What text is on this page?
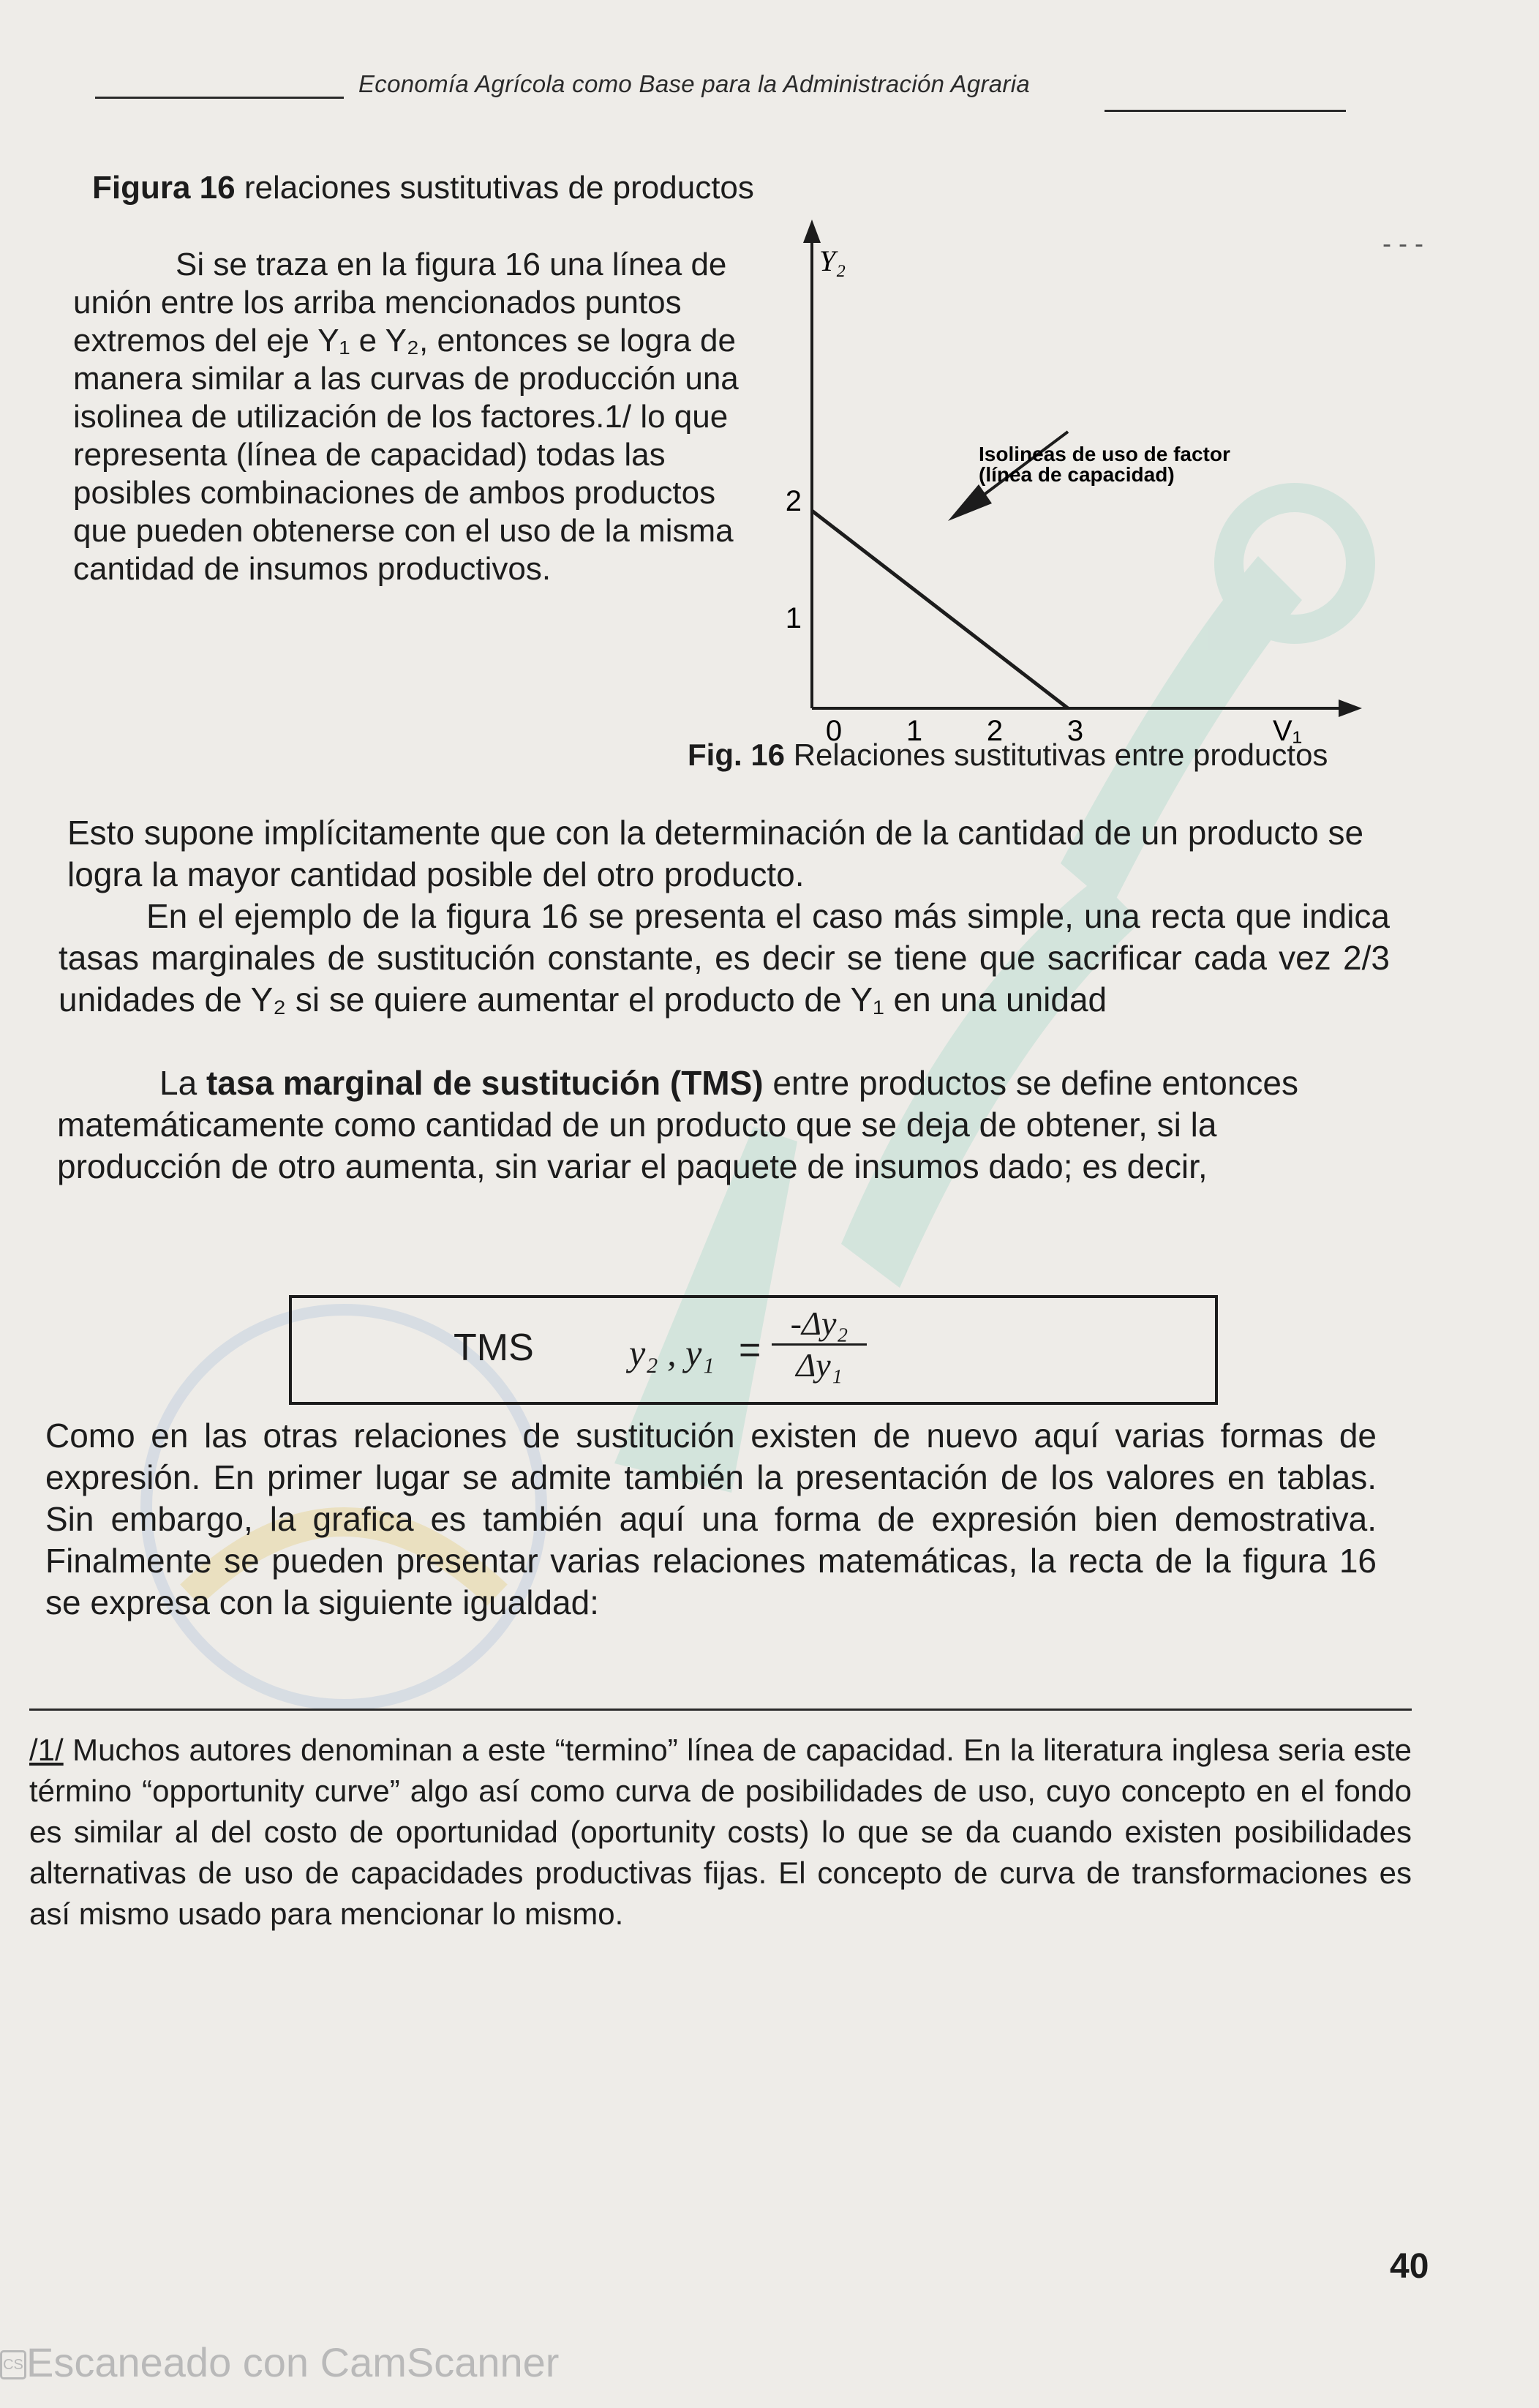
Economía Agrícola como Base para la Administración Agraria
- - -
Figura 16 relaciones sustitutivas de productos
Si se traza en la figura 16 una línea de unión entre los arriba mencionados puntos extremos del eje Y₁ e Y₂, entonces se logra de manera similar a las curvas de producción una isolinea de utilización de los factores.1/ lo que representa (línea de capacidad) todas las posibles combinaciones de ambos productos que pueden obtenerse con el uso de la misma cantidad de insumos productivos.
Y₂
2
1
0 1 2 3	V₁
Isolineas de uso de factor
(línea de capacidad)
Fig. 16 Relaciones sustitutivas entre productos
Esto supone implícitamente que con la determinación de la cantidad de un producto se logra la mayor cantidad posible del otro producto.
En el ejemplo de la figura 16 se presenta el caso más simple, una recta que indica tasas marginales de sustitución constante, es decir se tiene que sacrificar cada vez 2/3 unidades de Y₂ si se quiere aumentar el producto de Y₁ en una unidad
La tasa marginal de sustitución (TMS) entre productos se define entonces matemáticamente como cantidad de un producto que se deja de obtener, si la producción de otro aumenta, sin variar el paquete de insumos dado; es decir,
TMS	y₂ , $y_1 = \frac{\text{-Δy₂}}{\text{Δy₁}}$
Como en las otras relaciones de sustitución existen de nuevo aquí varias formas de expresión. En primer lugar se admite también la presentación de los valores en tablas. Sin embargo, la grafica es también aquí una forma de expresión bien demostrativa. Finalmente se pueden presentar varias relaciones matemáticas, la recta de la figura 16 se expresa con la siguiente igualdad:
/1/ Muchos autores denominan a este “termino” línea de capacidad. En la literatura inglesa seria este término “opportunity curve” algo así como curva de posibilidades de uso, cuyo concepto en el fondo es similar al del costo de oportunidad (oportunity costs) lo que se da cuando existen posibilidades alternativas de uso de capacidades productivas fijas. El concepto de curva de transformaciones es así mismo usado para mencionar lo mismo.
40
CS Escaneado con CamScanner
